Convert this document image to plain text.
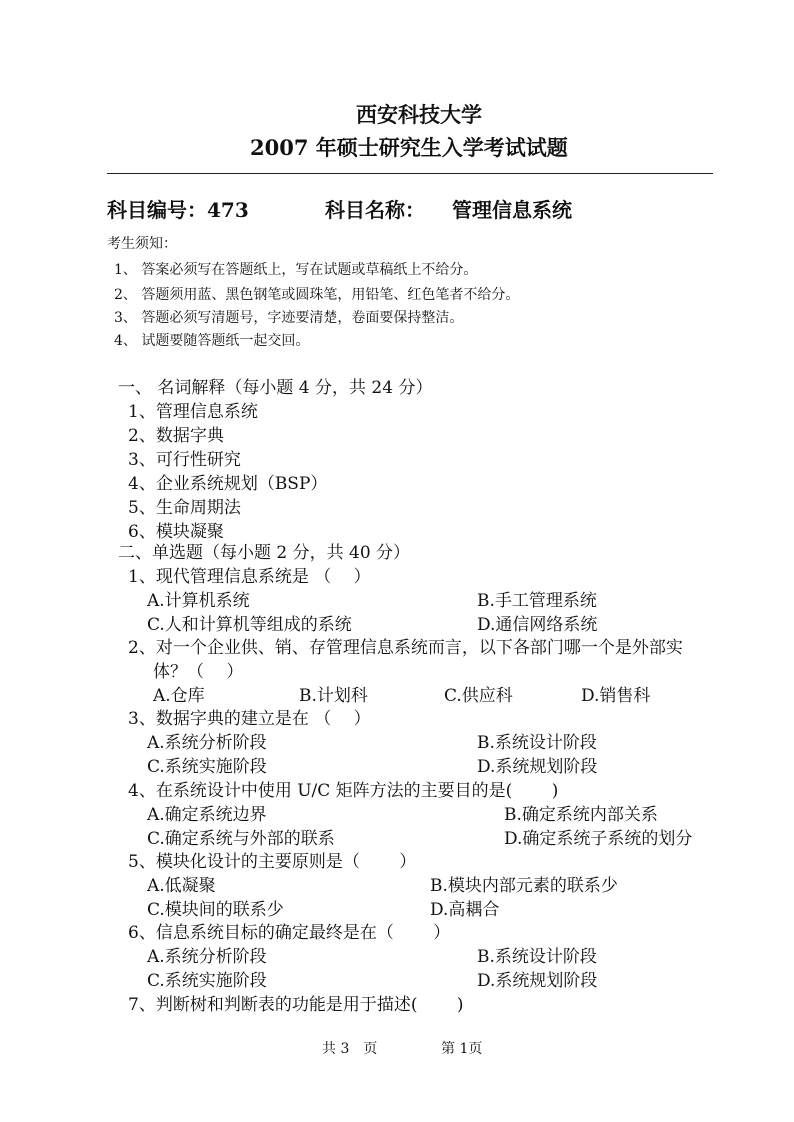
西安科技大学
2007 年硕士研究生入学考试试题
科目编号：473	科目名称： 管理信息系统
考生须知：
1、 答案必须写在答题纸上，写在试题或草稿纸上不给分。
2、 答题须用蓝、黑色钢笔或圆珠笔，用铅笔、红色笔者不给分。
3、 答题必须写清题号，字迹要清楚，卷面要保持整洁。
4、 试题要随答题纸一起交回。
一、 名词解释（每小题 4 分，共 24 分）
1、管理信息系统
2、数据字典
3、可行性研究
4、企业系统规划（BSP）
5、生命周期法
6、模块凝聚
二、单选题（每小题 2 分，共 40 分）
1、现代管理信息系统是 （　 ）
A.计算机系统	B.手工管理系统
C.人和计算机等组成的系统	D.通信网络系统
2、对一个企业供、销、存管理信息系统而言，以下各部门哪一个是外部实
体？（　 ）
A.仓库	B.计划科	C.供应科	D.销售科
3、数据字典的建立是在 （　 ）
A.系统分析阶段	B.系统设计阶段
C.系统实施阶段	D.系统规划阶段
4、在系统设计中使用 U/C 矩阵方法的主要目的是(　 　)
A.确定系统边界	B.确定系统内部关系
C.确定系统与外部的联系	D.确定系统子系统的划分
5、模块化设计的主要原则是（　　 ）
A.低凝聚	B.模块内部元素的联系少
C.模块间的联系少	D.高耦合
6、信息系统目标的确定最终是在（　　 ）
A.系统分析阶段	B.系统设计阶段
C.系统实施阶段	D.系统规划阶段
7、判断树和判断表的功能是用于描述(　 　)
共 3　页	第 1页
